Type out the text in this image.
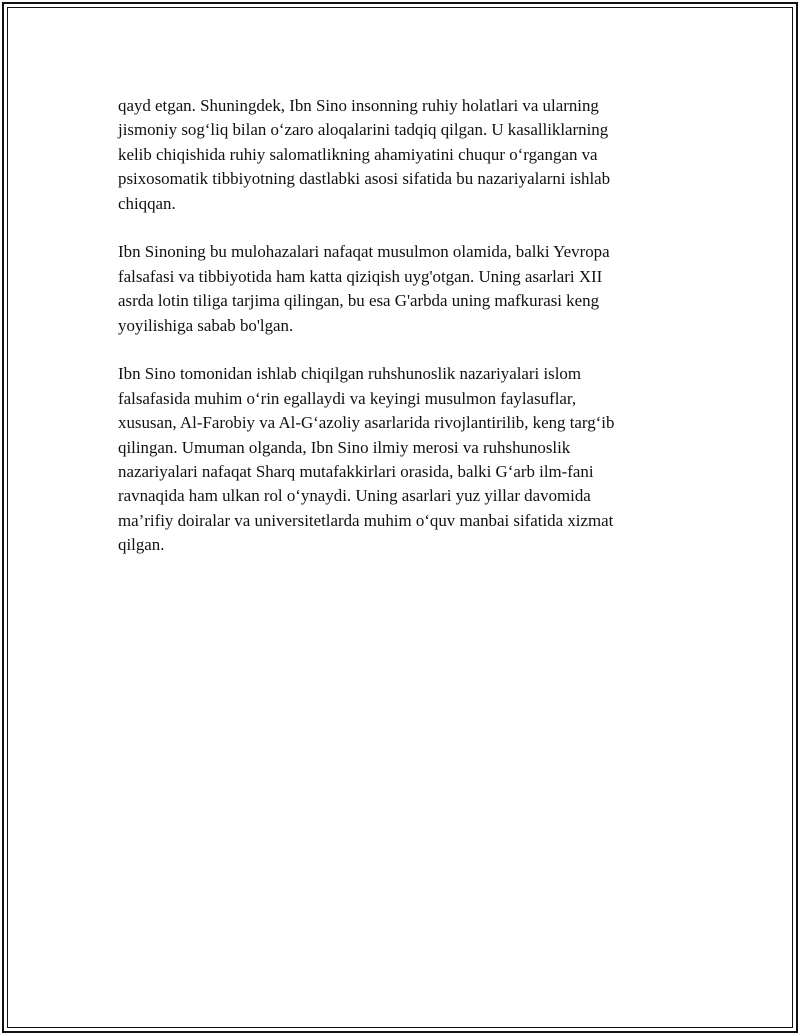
qayd etgan. Shuningdek, Ibn Sino insonning ruhiy holatlari va ularning
jismoniy sog‘liq bilan o‘zaro aloqalarini tadqiq qilgan. U kasalliklarning
kelib chiqishida ruhiy salomatlikning ahamiyatini chuqur o‘rgangan va
psixosomatik tibbiyotning dastlabki asosi sifatida bu nazariyalarni ishlab
chiqqan.

Ibn Sinoning bu mulohazalari nafaqat musulmon olamida, balki Yevropa
falsafasi va tibbiyotida ham katta qiziqish uyg'otgan. Uning asarlari XII
asrda lotin tiliga tarjima qilingan, bu esa G'arbda uning mafkurasi keng
yoyilishiga sabab bo'lgan.

Ibn Sino tomonidan ishlab chiqilgan ruhshunoslik nazariyalari islom
falsafasida muhim o‘rin egallaydi va keyingi musulmon faylasuflar,
xususan, Al-Farobiy va Al-G‘azoliy asarlarida rivojlantirilib, keng targ‘ib
qilingan. Umuman olganda, Ibn Sino ilmiy merosi va ruhshunoslik
nazariyalari nafaqat Sharq mutafakkirlari orasida, balki G‘arb ilm-fani
ravnaqida ham ulkan rol o‘ynaydi. Uning asarlari yuz yillar davomida
ma’rifiy doiralar va universitetlarda muhim o‘quv manbai sifatida xizmat
qilgan.
